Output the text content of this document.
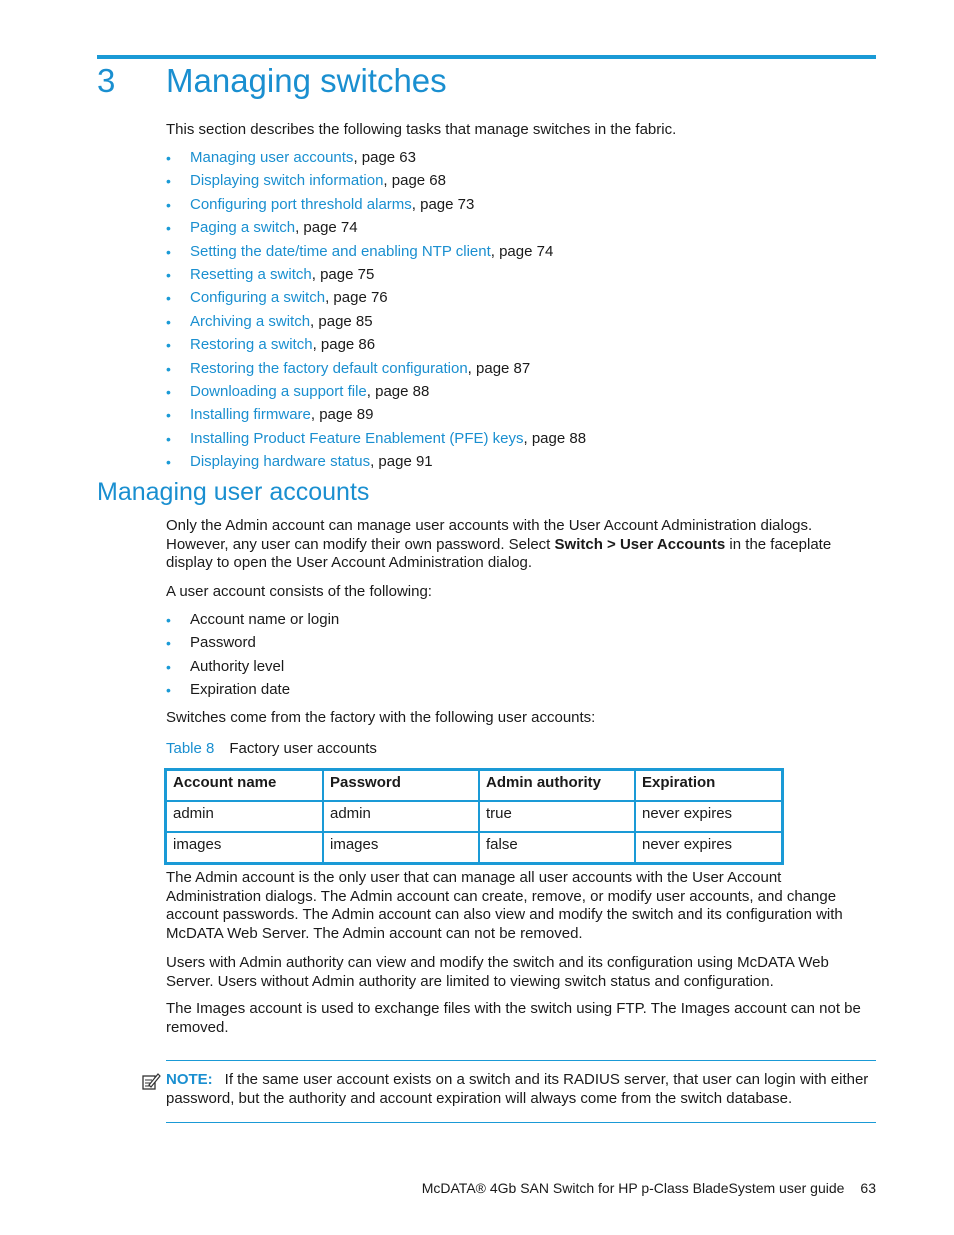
3 Managing switches
This section describes the following tasks that manage switches in the fabric.
• Managing user accounts, page 63
• Displaying switch information, page 68
• Configuring port threshold alarms, page 73
• Paging a switch, page 74
• Setting the date/time and enabling NTP client, page 74
• Resetting a switch, page 75
• Configuring a switch, page 76
• Archiving a switch, page 85
• Restoring a switch, page 86
• Restoring the factory default configuration, page 87
• Downloading a support file, page 88
• Installing firmware, page 89
• Installing Product Feature Enablement (PFE) keys, page 88
• Displaying hardware status, page 91
Managing user accounts
Only the Admin account can manage user accounts with the User Account Administration dialogs. However, any user can modify their own password. Select Switch > User Accounts in the faceplate display to open the User Account Administration dialog.
A user account consists of the following:
• Account name or login
• Password
• Authority level
• Expiration date
Switches come from the factory with the following user accounts:
Table 8 Factory user accounts
Account name	Password	Admin authority	Expiration
admin	admin	true	never expires
images	images	false	never expires
The Admin account is the only user that can manage all user accounts with the User Account Administration dialogs. The Admin account can create, remove, or modify user accounts, and change account passwords. The Admin account can also view and modify the switch and its configuration with McDATA Web Server. The Admin account can not be removed.
Users with Admin authority can view and modify the switch and its configuration using McDATA Web Server. Users without Admin authority are limited to viewing switch status and configuration.
The Images account is used to exchange files with the switch using FTP. The Images account can not be removed.
NOTE: If the same user account exists on a switch and its RADIUS server, that user can login with either password, but the authority and account expiration will always come from the switch database.
McDATA® 4Gb SAN Switch for HP p-Class BladeSystem user guide 63
